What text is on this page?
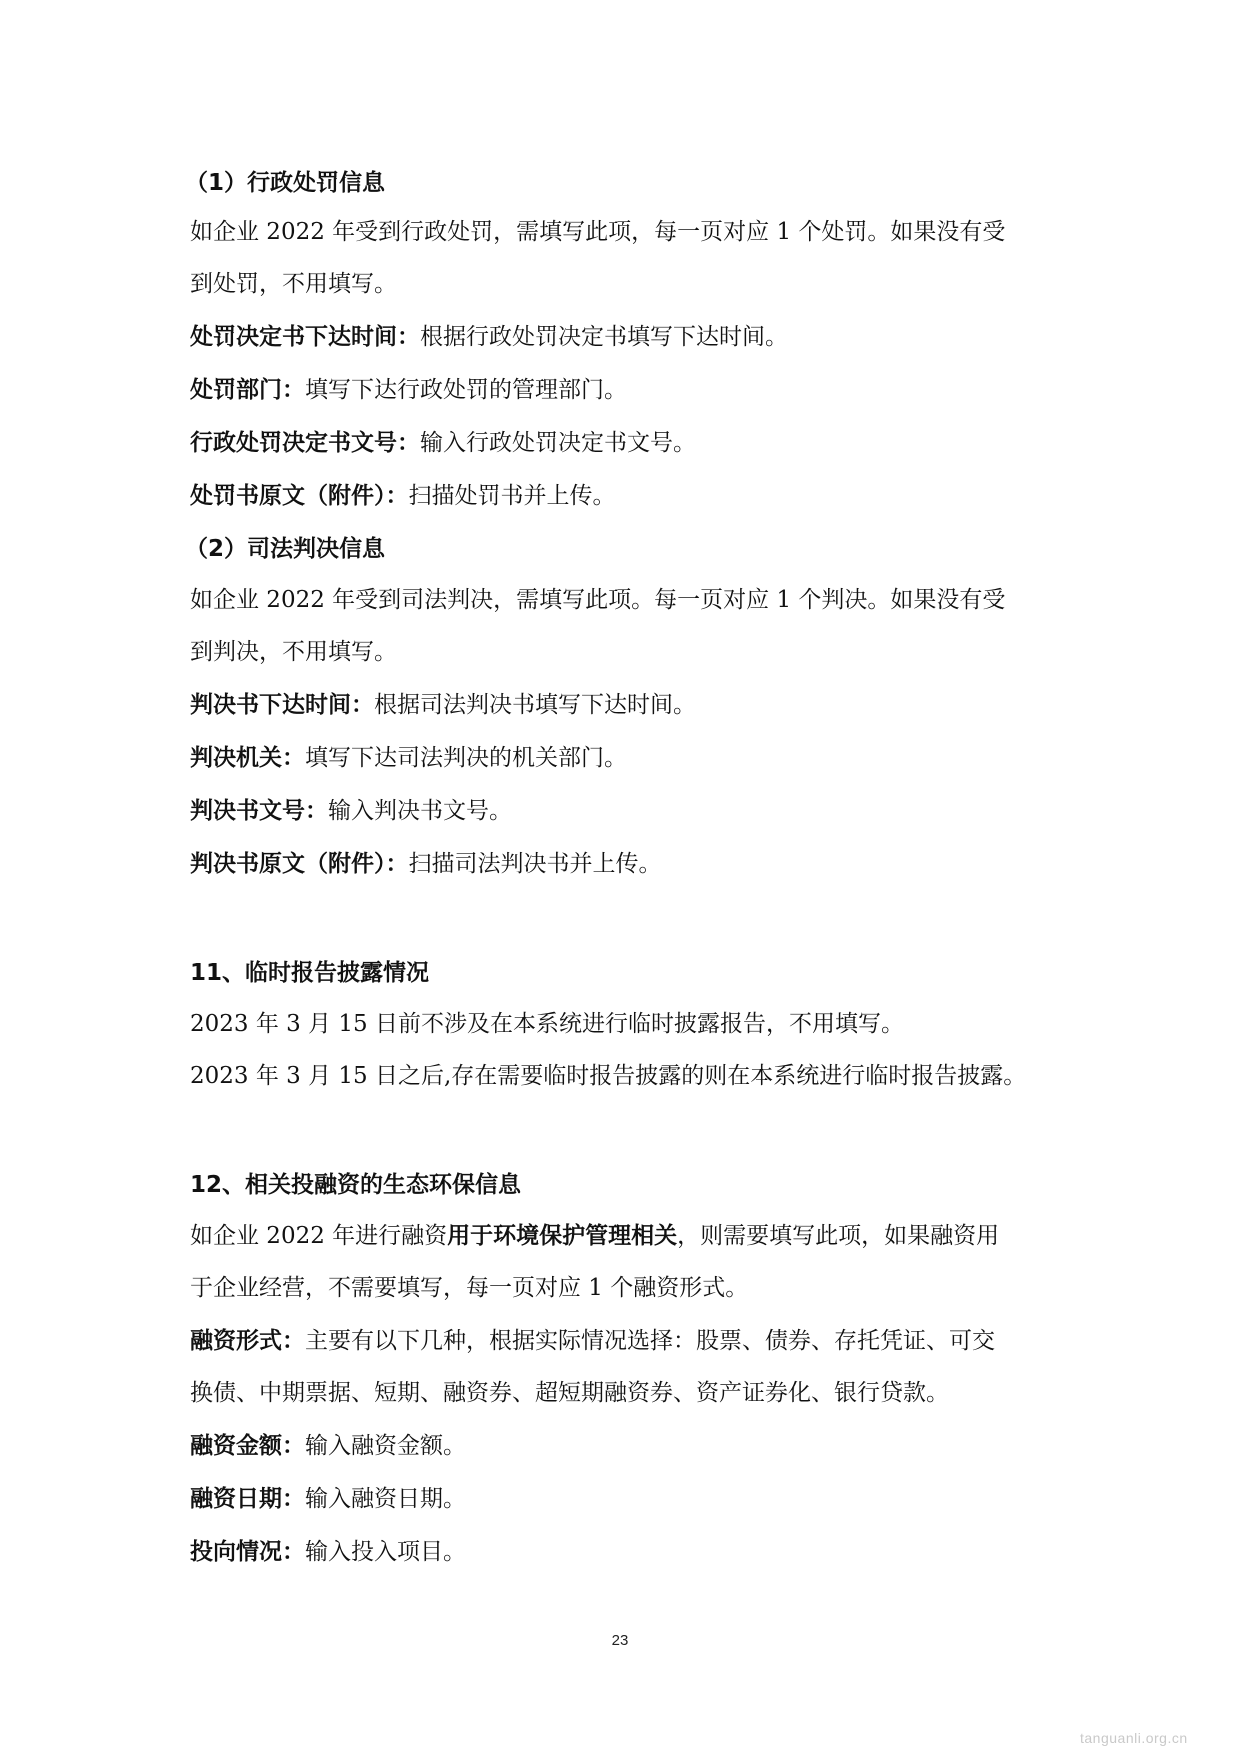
（1）行政处罚信息

如企业 2022 年受到行政处罚，需填写此项，每一页对应 1 个处罚。如果没有受

到处罚，不用填写。

处罚决定书下达时间：根据行政处罚决定书填写下达时间。

处罚部门：填写下达行政处罚的管理部门。

行政处罚决定书文号：输入行政处罚决定书文号。

处罚书原文（附件）：扫描处罚书并上传。

（2）司法判决信息

如企业 2022 年受到司法判决，需填写此项。每一页对应 1 个判决。如果没有受

到判决，不用填写。

判决书下达时间：根据司法判决书填写下达时间。

判决机关：填写下达司法判决的机关部门。

判决书文号：输入判决书文号。

判决书原文（附件）：扫描司法判决书并上传。

11、临时报告披露情况

2023 年 3 月 15 日前不涉及在本系统进行临时披露报告，不用填写。

2023 年 3 月 15 日之后,存在需要临时报告披露的则在本系统进行临时报告披露。

12、相关投融资的生态环保信息

如企业 2022 年进行融资用于环境保护管理相关，则需要填写此项，如果融资用

于企业经营，不需要填写，每一页对应 1 个融资形式。

融资形式：主要有以下几种，根据实际情况选择：股票、债券、存托凭证、可交

换债、中期票据、短期、融资券、超短期融资券、资产证券化、银行贷款。

融资金额：输入融资金额。

融资日期：输入融资日期。

投向情况：输入投入项目。

23
tanguanli.org.cn
